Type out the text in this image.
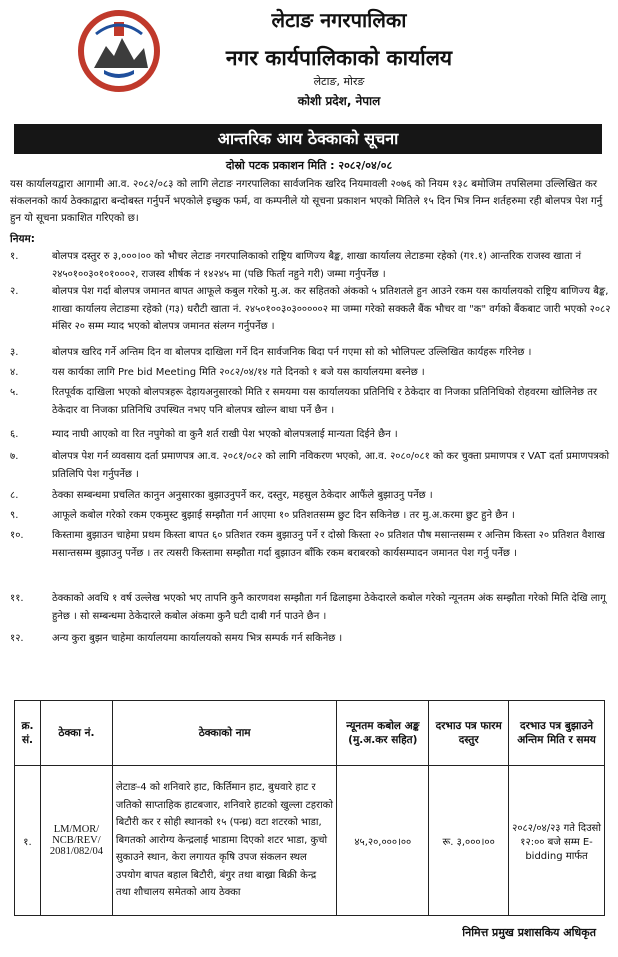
लेटाङ नगरपालिका
नगर कार्यपालिकाको कार्यालय
लेटाङ, मोरङ
कोशी प्रदेश, नेपाल
आन्तरिक आय ठेक्काको सूचना
दोस्रो पटक प्रकाशन मिति : २०८२/०४/०८
यस कार्यालयद्वारा आगामी आ.व. २०८२/०८३ को लागि लेटाङ नगरपालिका सार्वजनिक खरिद नियमावली २०७६ को नियम १३८ बमोजिम तपसिलमा उल्लिखित कर संकलनको कार्य ठेक्काद्वारा बन्दोबस्त गर्नुपर्ने भएकोले इच्छुक फर्म, वा कम्पनीले यो सूचना प्रकाशन भएको मितिले १५ दिन भित्र निम्न शर्तहरुमा रही बोलपत्र पेश गर्नु हुन यो सूचना प्रकाशित गरिएको छ।
नियम:
१.	बोलपत्र दस्तुर रु ३,०००।०० को भौचर लेटाङ नगरपालिकाको राष्ट्रिय बाणिज्य बैङ्क, शाखा कार्यालय लेटाङमा रहेको (ग१.१) आन्तरिक राजस्व खाता नं २४५०१००३०१०१०००२, राजस्व शीर्षक नं १४२४५ मा (पछि फिर्ता नहुने गरी) जम्मा गर्नुपर्नेछ ।
२.	बोलपत्र पेश गर्दा बोलपत्र जमानत बापत आफूले कबुल गरेको मु.अ. कर सहितको अंकको ५ प्रतिशतले हुन आउने रकम यस कार्यालयको राष्ट्रिय बाणिज्य बैङ्क, शाखा कार्यालय लेटाङमा रहेको (ग३) धरौटी खाता नं. २४५०१००३०३०००००२ मा जम्मा गरेको सक्कलै बैंक भौचर वा "क" वर्गको बैंकबाट जारी भएको २०८२ मंसिर २० सम्म म्याद भएको बोलपत्र जमानत संलग्न गर्नुपर्नेछ ।
३.	बोलपत्र खरिद गर्ने अन्तिम दिन वा बोलपत्र दाखिला गर्ने दिन सार्वजनिक बिदा पर्न गएमा सो को भोलिपल्ट उल्लिखित कार्यहरू गरिनेछ ।
४.	यस कार्यका लागि Pre bid Meeting मिति २०८२/०४/१४ गते दिनको १ बजे यस कार्यालयमा बस्नेछ ।
५.	रितपूर्वक दाखिला भएको बोलपत्रहरू देहायअनुसारको मिति र समयमा यस कार्यालयका प्रतिनिधि र ठेकेदार वा निजका प्रतिनिधिको रोहवरमा खोलिनेछ तर ठेकेदार वा निजका प्रतिनिधि उपस्थित नभए पनि बोलपत्र खोल्न बाधा पर्ने छैन ।
६.	म्याद नाघी आएको वा रित नपुगेको वा कुनै शर्त राखी पेश भएको बोलपत्रलाई मान्यता दिईने छैन ।
७.	बोलपत्र पेश गर्न व्यवसाय दर्ता प्रमाणपत्र आ.व. २०८१/०८२ को लागि नविकरण भएको, आ.व. २०८०/०८१ को कर चुक्ता प्रमाणपत्र र VAT दर्ता प्रमाणपत्रको प्रतिलिपि पेश गर्नुपर्नेछ ।
८.	ठेक्का सम्बन्धमा प्रचलित कानुन अनुसारका बुझाउनुपर्ने कर, दस्तुर, महसुल ठेकेदार आफैंले बुझाउनु पर्नेछ ।
९.	आफूले कबोल गरेको रकम एकमुस्ट बुझाई सम्झौता गर्न आएमा १० प्रतिशतसम्म छुट दिन सकिनेछ । तर मु.अ.करमा छुट हुने छैन ।
१०.	किस्तामा बुझाउन चाहेमा प्रथम किस्ता बापत ६० प्रतिशत रकम बुझाउनु पर्ने र दोस्रो किस्ता २० प्रतिशत पौष मसान्तसम्म र अन्तिम किस्ता २० प्रतिशत वैशाख मसान्तसम्म बुझाउनु पर्नेछ । तर त्यसरी किस्तामा सम्झौता गर्दा बुझाउन बाँकि रकम बराबरको कार्यसम्पादन जमानत पेश गर्नु पर्नेछ ।
११.	ठेक्काको अवधि १ वर्ष उल्लेख भएको भए तापनि कुनै कारणवश सम्झौता गर्न ढिलाइमा ठेकेदारले कबोल गरेको न्यूनतम अंक सम्झौता गरेको मिति देखि लागू हुनेछ । सो सम्बन्धमा ठेकेदारले कबोल अंकमा कुनै घटी दाबी गर्न पाउने छैन ।
१२.	अन्य कुरा बुझन चाहेमा कार्यालयमा कार्यालयको समय भित्र सम्पर्क गर्न सकिनेछ ।
क्र. सं.	ठेक्का नं.	ठेक्काको नाम	न्यूनतम कबोल अङ्क (मु.अ.कर सहित)	दरभाउ पत्र फारम दस्तुर	दरभाउ पत्र बुझाउने अन्तिम मिति र समय
१.	LM/MOR/ NCB/REV/ 2081/082/04	लेटाङ-4 को शनिवारे हाट, किर्तिमान हाट, बुधवारे हाट र जतिको साप्ताहिक हाटबजार, शनिवारे हाटको खुल्ला टहराको बिटौरी कर र सोही स्थानको १५ (पन्ध्र) वटा शटरको भाडा, बिगतको आरोग्य केन्द्रलाई भाडामा दिएको शटर भाडा, कुचो सुकाउने स्थान, केरा लगायत कृषि उपज संकलन स्थल उपयोग बापत बहाल बिटौरी, बंगुर तथा बाख्रा बिक्री केन्द्र तथा शौचालय समेतको आय ठेक्का	४५,२०,०००।००	रू. ३,०००।००	२०८२/०४/२३ गते दिउसो १२:०० बजे सम्म E-bidding मार्फत
निमित्त प्रमुख प्रशासकिय अधिकृत
